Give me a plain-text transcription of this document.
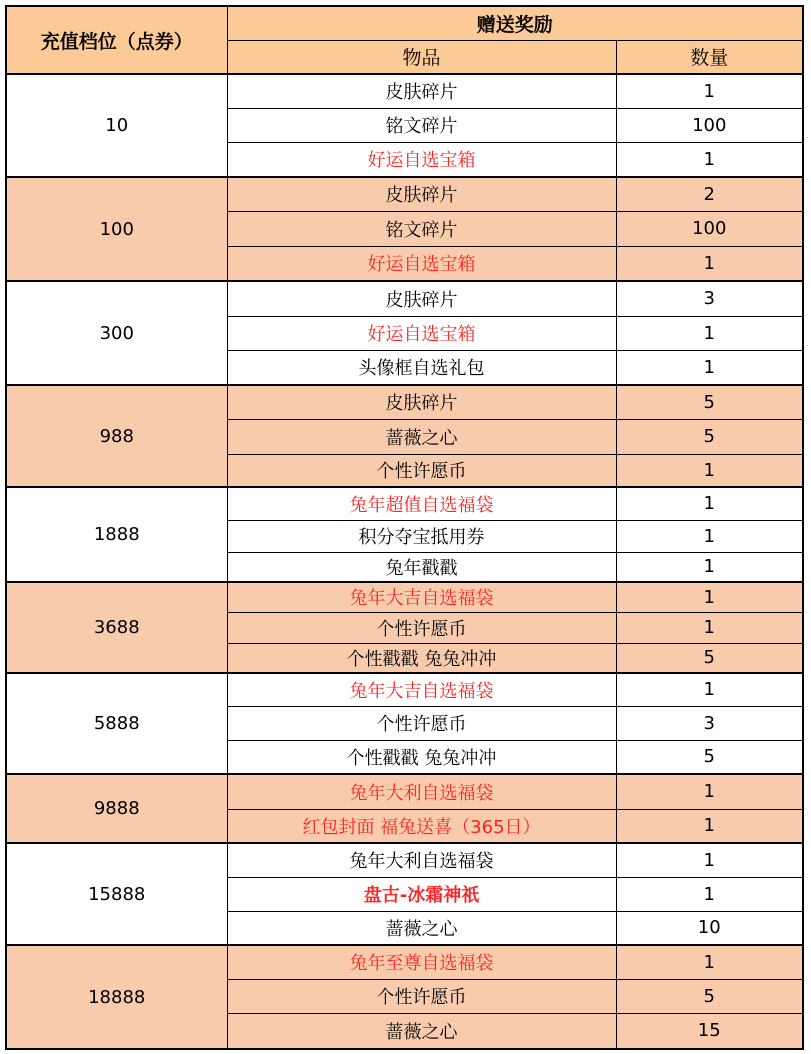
充值档位（点券）	赠送奖励	
	物品	数量
10	皮肤碎片	1
	铭文碎片	100
	好运自选宝箱	1
100	皮肤碎片	2
	铭文碎片	100
	好运自选宝箱	1
300	皮肤碎片	3
	好运自选宝箱	1
	头像框自选礼包	1
988	皮肤碎片	5
	蔷薇之心	5
	个性许愿币	1
1888	兔年超值自选福袋	1
	积分夺宝抵用券	1
	兔年戳戳	1
3688	兔年大吉自选福袋	1
	个性许愿币	1
	个性戳戳 兔兔冲冲	5
5888	兔年大吉自选福袋	1
	个性许愿币	3
	个性戳戳 兔兔冲冲	5
9888	兔年大利自选福袋	1
	红包封面 福兔送喜（365日）	1
15888	兔年大利自选福袋	1
	盘古-冰霜神祇	1
	蔷薇之心	10
18888	兔年至尊自选福袋	1
	个性许愿币	5
	蔷薇之心	15
